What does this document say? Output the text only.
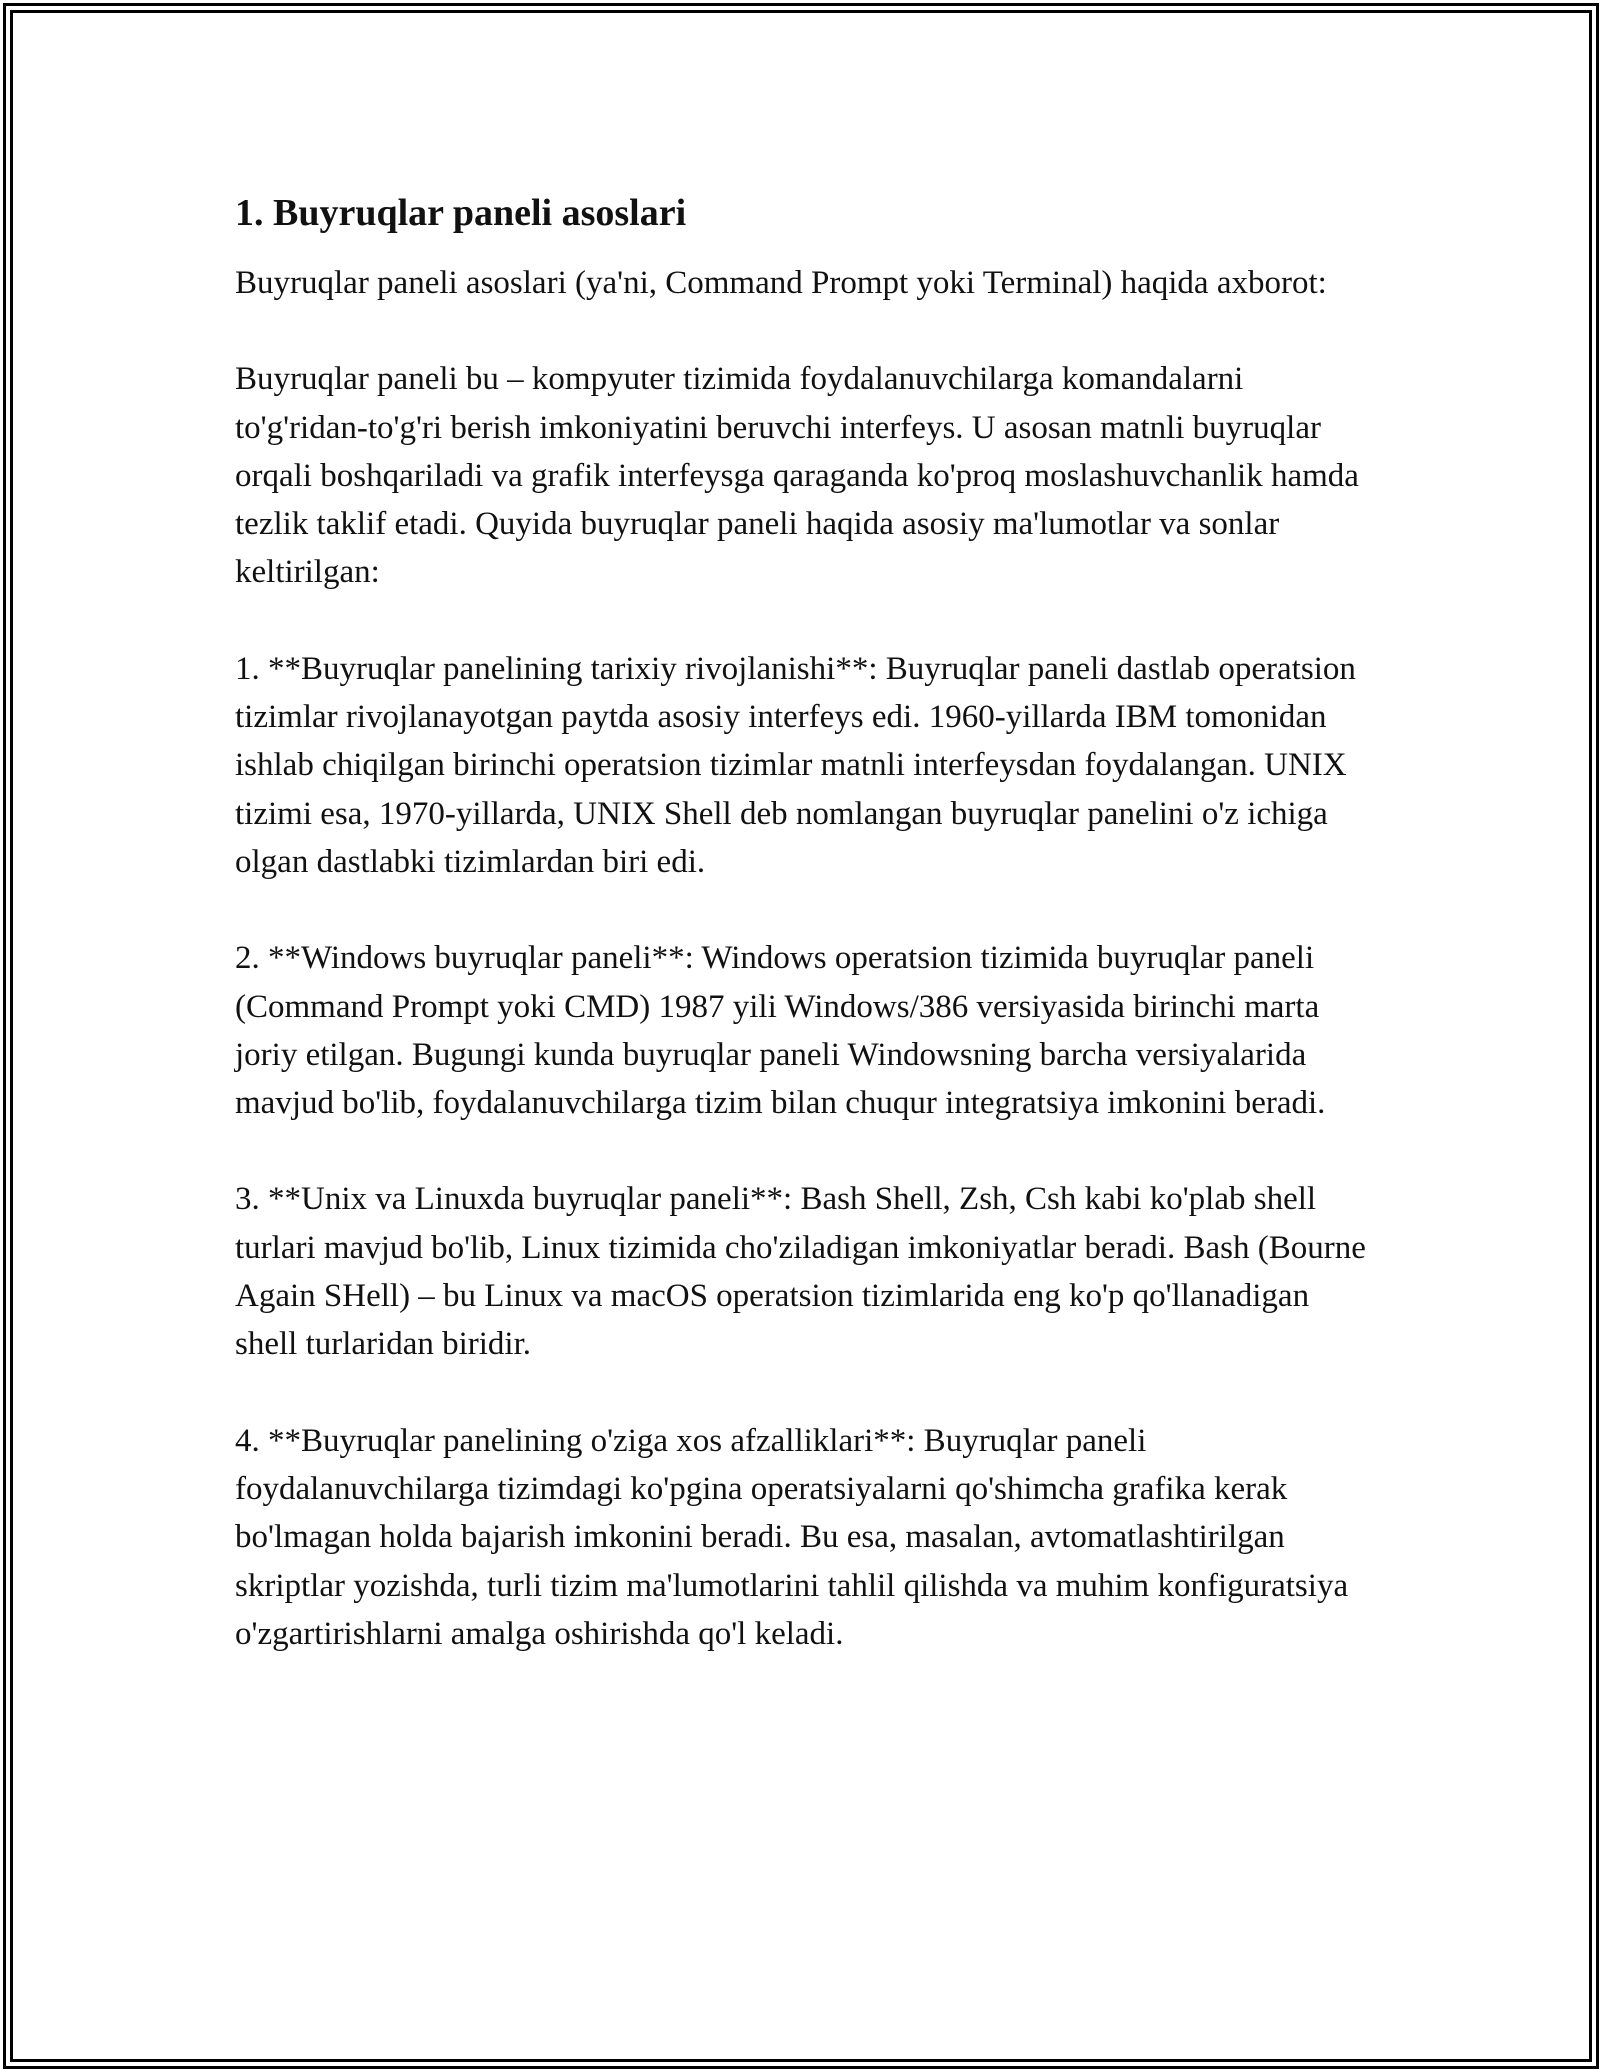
1. Buyruqlar paneli asoslari

Buyruqlar paneli asoslari (ya'ni, Command Prompt yoki Terminal) haqida axborot:

Buyruqlar paneli bu – kompyuter tizimida foydalanuvchilarga komandalarni to'g'ridan-to'g'ri berish imkoniyatini beruvchi interfeys. U asosan matnli buyruqlar orqali boshqariladi va grafik interfeysga qaraganda ko'proq moslashuvchanlik hamda tezlik taklif etadi. Quyida buyruqlar paneli haqida asosiy ma'lumotlar va sonlar keltirilgan:

1. **Buyruqlar panelining tarixiy rivojlanishi**: Buyruqlar paneli dastlab operatsion tizimlar rivojlanayotgan paytda asosiy interfeys edi. 1960-yillarda IBM tomonidan ishlab chiqilgan birinchi operatsion tizimlar matnli interfeysdan foydalangan. UNIX tizimi esa, 1970-yillarda, UNIX Shell deb nomlangan buyruqlar panelini o'z ichiga olgan dastlabki tizimlardan biri edi.

2. **Windows buyruqlar paneli**: Windows operatsion tizimida buyruqlar paneli (Command Prompt yoki CMD) 1987 yili Windows/386 versiyasida birinchi marta joriy etilgan. Bugungi kunda buyruqlar paneli Windowsning barcha versiyalarida mavjud bo'lib, foydalanuvchilarga tizim bilan chuqur integratsiya imkonini beradi.

3. **Unix va Linuxda buyruqlar paneli**: Bash Shell, Zsh, Csh kabi ko'plab shell turlari mavjud bo'lib, Linux tizimida cho'ziladigan imkoniyatlar beradi. Bash (Bourne Again SHell) – bu Linux va macOS operatsion tizimlarida eng ko'p qo'llanadigan shell turlaridan biridir.

4. **Buyruqlar panelining o'ziga xos afzalliklari**: Buyruqlar paneli foydalanuvchilarga tizimdagi ko'pgina operatsiyalarni qo'shimcha grafika kerak bo'lmagan holda bajarish imkonini beradi. Bu esa, masalan, avtomatlashtirilgan skriptlar yozishda, turli tizim ma'lumotlarini tahlil qilishda va muhim konfiguratsiya o'zgartirishlarni amalga oshirishda qo'l keladi.
